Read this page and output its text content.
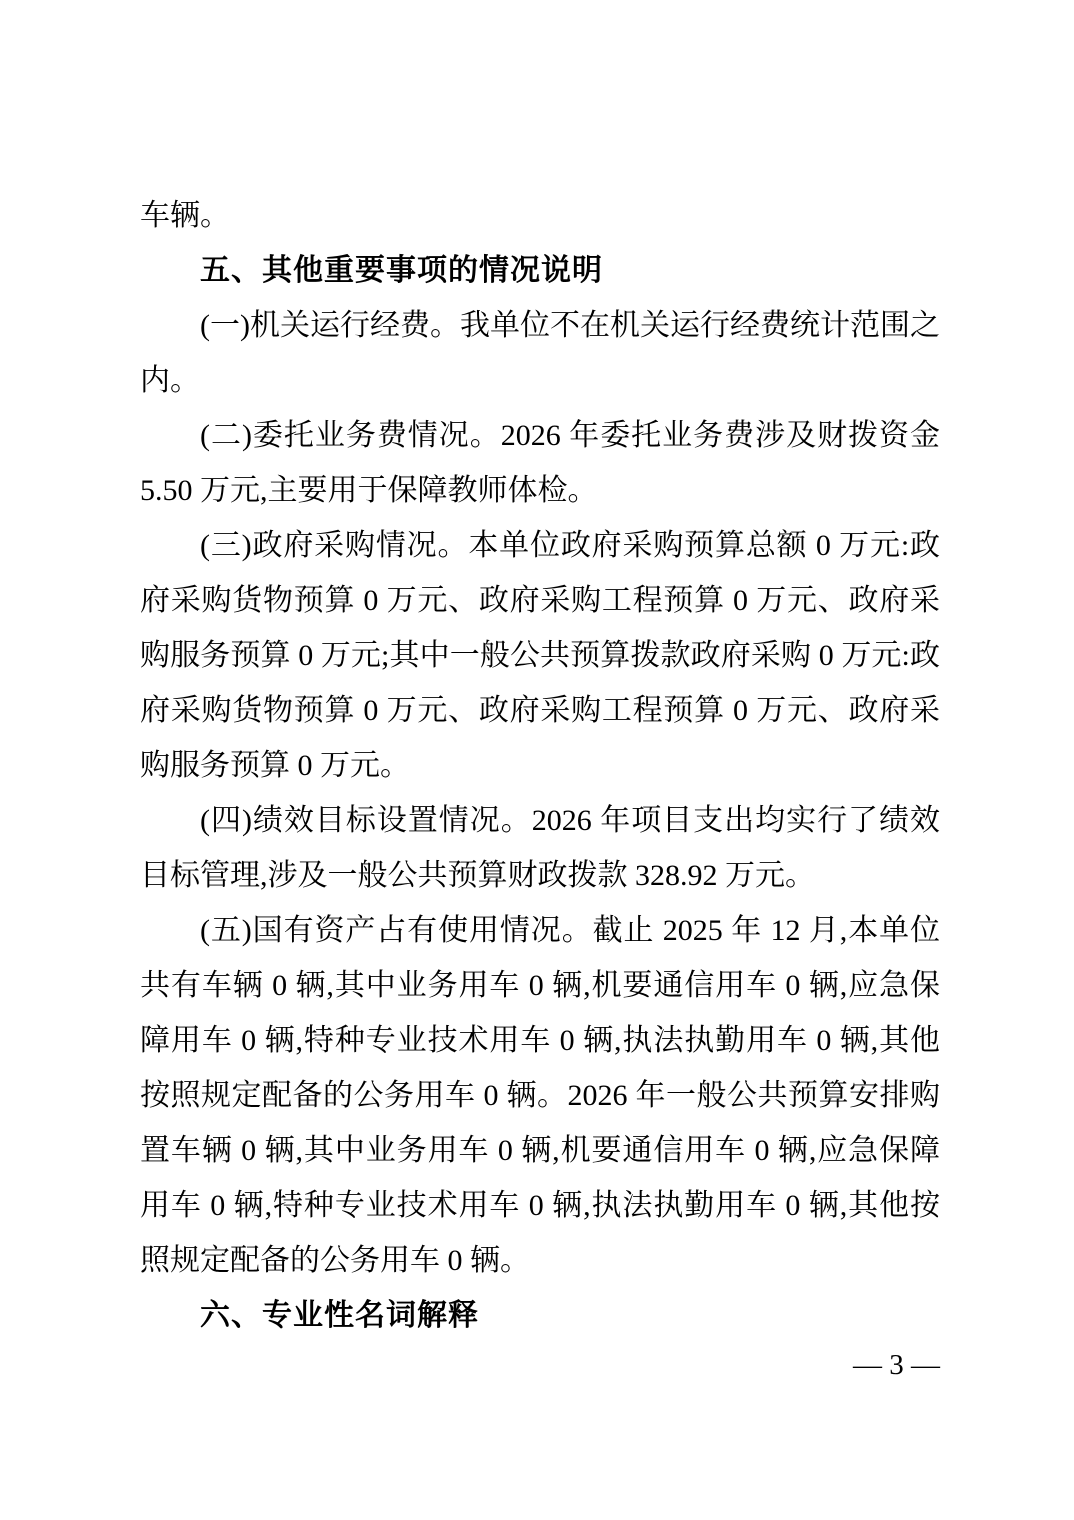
车辆。

五、其他重要事项的情况说明

(一)机关运行经费。我单位不在机关运行经费统计范围之内。

(二)委托业务费情况。2026 年委托业务费涉及财拨资金 5.50 万元,主要用于保障教师体检。

(三)政府采购情况。本单位政府采购预算总额 0 万元:政府采购货物预算 0 万元、政府采购工程预算 0 万元、政府采购服务预算 0 万元;其中一般公共预算拨款政府采购 0 万元:政府采购货物预算 0 万元、政府采购工程预算 0 万元、政府采购服务预算 0 万元。

(四)绩效目标设置情况。2026 年项目支出均实行了绩效目标管理,涉及一般公共预算财政拨款 328.92 万元。

(五)国有资产占有使用情况。截止 2025 年 12 月,本单位共有车辆 0 辆,其中业务用车 0 辆,机要通信用车 0 辆,应急保障用车 0 辆,特种专业技术用车 0 辆,执法执勤用车 0 辆,其他按照规定配备的公务用车 0 辆。2026 年一般公共预算安排购置车辆 0 辆,其中业务用车 0 辆,机要通信用车 0 辆,应急保障用车 0 辆,特种专业技术用车 0 辆,执法执勤用车 0 辆,其他按照规定配备的公务用车 0 辆。

六、专业性名词解释
— 3 —
